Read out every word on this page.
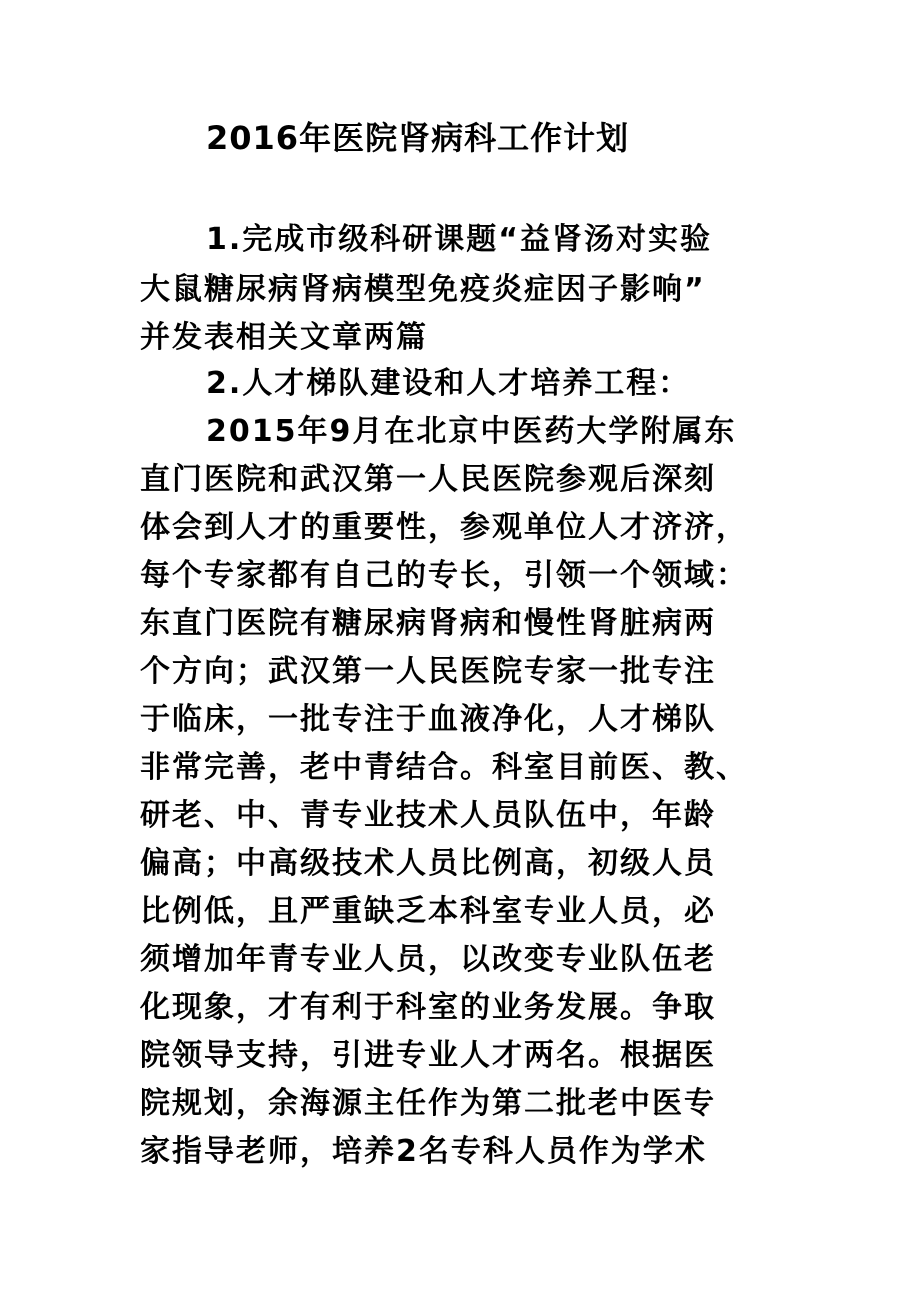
2016年医院肾病科工作计划
1.完成市级科研课题“益肾汤对实验
大鼠糖尿病肾病模型免疫炎症因子影响”
并发表相关文章两篇
2.人才梯队建设和人才培养工程：
2015年9月在北京中医药大学附属东
直门医院和武汉第一人民医院参观后深刻
体会到人才的重要性，参观单位人才济济，
每个专家都有自己的专长，引领一个领域：
东直门医院有糖尿病肾病和慢性肾脏病两
个方向；武汉第一人民医院专家一批专注
于临床，一批专注于血液净化，人才梯队
非常完善，老中青结合。科室目前医、教、
研老、中、青专业技术人员队伍中，年龄
偏高；中高级技术人员比例高，初级人员
比例低，且严重缺乏本科室专业人员，必
须增加年青专业人员，以改变专业队伍老
化现象，才有利于科室的业务发展。争取
院领导支持，引进专业人才两名。根据医
院规划，余海源主任作为第二批老中医专
家指导老师，培养2名专科人员作为学术
